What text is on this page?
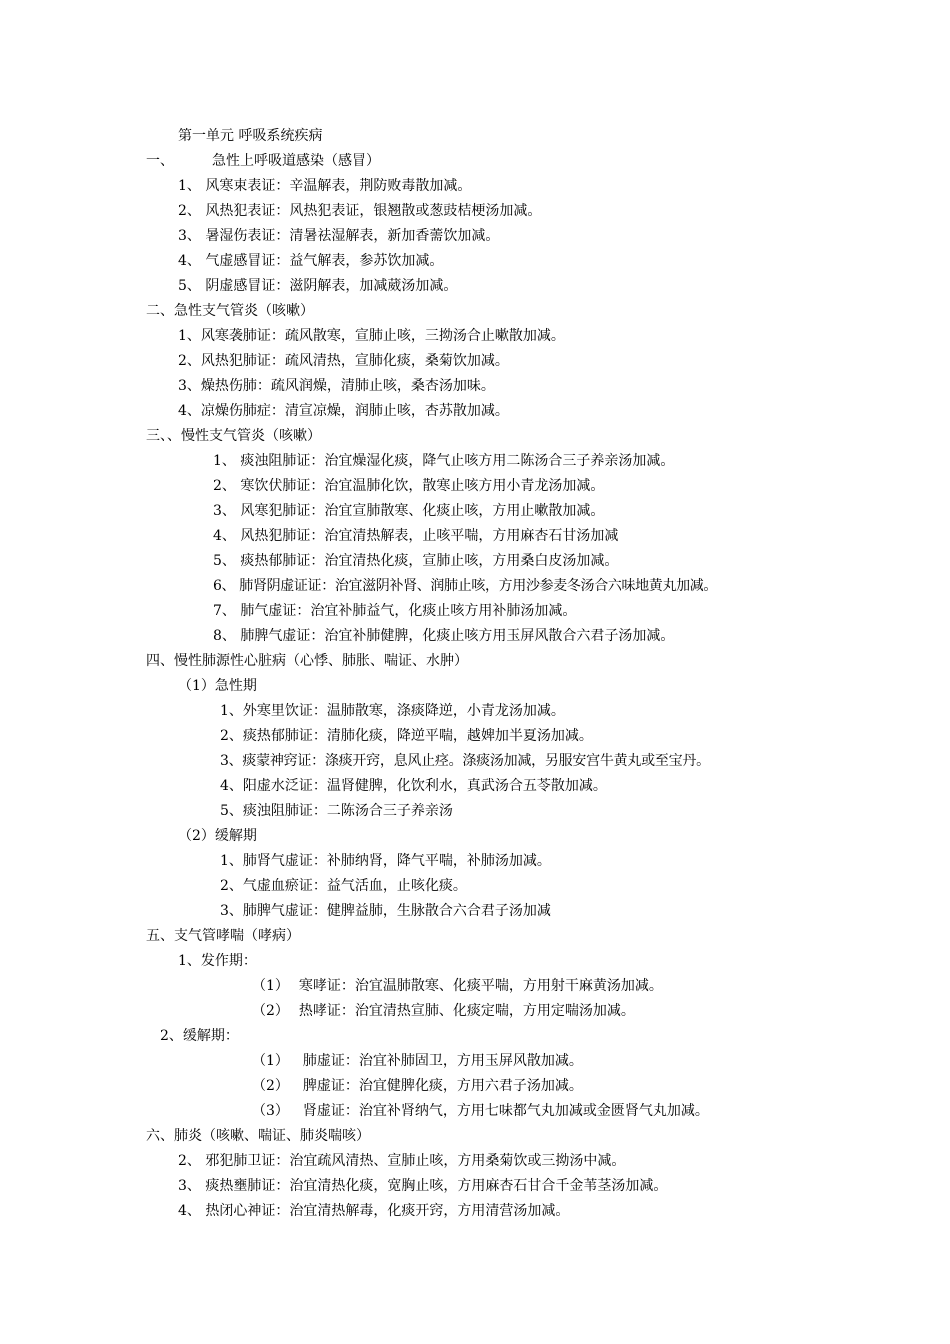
第一单元 呼吸系统疾病
一、	急性上呼吸道感染（感冒）
1、 风寒束表证：辛温解表，荆防败毒散加减。
2、 风热犯表证：风热犯表证，银翘散或葱豉桔梗汤加减。
3、 暑湿伤表证：清暑祛湿解表，新加香薷饮加减。
4、 气虚感冒证：益气解表，参苏饮加减。
5、 阴虚感冒证：滋阴解表，加减葳汤加减。
二、急性支气管炎（咳嗽）
1、风寒袭肺证：疏风散寒，宣肺止咳，三拗汤合止嗽散加减。
2、风热犯肺证：疏风清热，宣肺化痰，桑菊饮加减。
3、燥热伤肺：疏风润燥，清肺止咳，桑杏汤加味。
4、凉燥伤肺症：清宣凉燥，润肺止咳，杏苏散加减。
三、、慢性支气管炎（咳嗽）
1、 痰浊阻肺证：治宜燥湿化痰，降气止咳方用二陈汤合三子养亲汤加减。
2、 寒饮伏肺证：治宜温肺化饮，散寒止咳方用小青龙汤加减。
3、 风寒犯肺证：治宜宣肺散寒、化痰止咳，方用止嗽散加减。
4、 风热犯肺证：治宜清热解表，止咳平喘，方用麻杏石甘汤加减
5、 痰热郁肺证：治宜清热化痰，宣肺止咳，方用桑白皮汤加减。
6、 肺肾阴虚证证：治宜滋阴补肾、润肺止咳，方用沙参麦冬汤合六味地黄丸加减。
7、 肺气虚证：治宜补肺益气，化痰止咳方用补肺汤加减。
8、 肺脾气虚证：治宜补肺健脾，化痰止咳方用玉屏风散合六君子汤加减。
四、慢性肺源性心脏病（心悸、肺胀、喘证、水肿）
（1）急性期
1、外寒里饮证：温肺散寒，涤痰降逆，小青龙汤加减。
2、痰热郁肺证：清肺化痰，降逆平喘，越婢加半夏汤加减。
3、痰蒙神窍证：涤痰开窍，息风止痉。涤痰汤加减，另服安宫牛黄丸或至宝丹。
4、阳虚水泛证：温肾健脾，化饮利水，真武汤合五苓散加减。
5、痰浊阻肺证：二陈汤合三子养亲汤
（2）缓解期
1、肺肾气虚证：补肺纳肾，降气平喘，补肺汤加减。
2、气虚血瘀证：益气活血，止咳化痰。
3、肺脾气虚证：健脾益肺，生脉散合六合君子汤加减
五、支气管哮喘（哮病）
1、发作期：
（1） 寒哮证：治宜温肺散寒、化痰平喘，方用射干麻黄汤加减。
（2） 热哮证：治宜清热宣肺、化痰定喘，方用定喘汤加减。
2、缓解期：
（1） 肺虚证：治宜补肺固卫，方用玉屏风散加减。
（2） 脾虚证：治宜健脾化痰，方用六君子汤加减。
（3） 肾虚证：治宜补肾纳气，方用七味都气丸加减或金匮肾气丸加减。
六、肺炎（咳嗽、喘证、肺炎喘咳）
2、 邪犯肺卫证：治宜疏风清热、宣肺止咳，方用桑菊饮或三拗汤中减。
3、 痰热壅肺证：治宜清热化痰，宽胸止咳，方用麻杏石甘合千金苇茎汤加减。
4、 热闭心神证：治宜清热解毒，化痰开窍，方用清营汤加减。
